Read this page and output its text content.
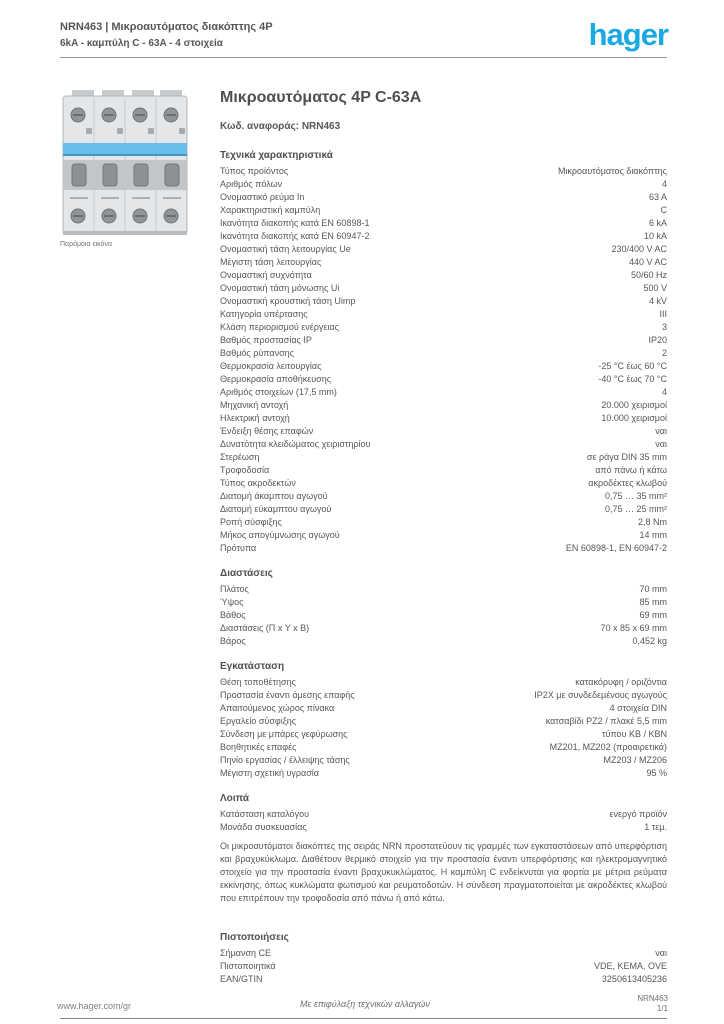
NRN463 | Μικροαυτόματος διακόπτης 4P
6kA - καμπύλη C - 63A - 4 στοιχεία	hager
Παρόμοια εικόνα
Μικροαυτόματος 4P C-63A
Κωδ. αναφοράς: NRN463
Τεχνικά χαρακτηριστικά
Τύπος προϊόντος	Μικροαυτόματος διακόπτης
Αριθμός πόλων	4
Ονομαστικό ρεύμα In	63 A
Χαρακτηριστική καμπύλη	C
Ικανότητα διακοπής κατά EN 60898-1	6 kA
Ικανότητα διακοπής κατά EN 60947-2	10 kA
Ονομαστική τάση λειτουργίας Ue	230/400 V AC
Μέγιστη τάση λειτουργίας	440 V AC
Ονομαστική συχνότητα	50/60 Hz
Ονομαστική τάση μόνωσης Ui	500 V
Ονομαστική κρουστική τάση Uimp	4 kV
Κατηγορία υπέρτασης	III
Κλάση περιορισμού ενέργειας	3
Βαθμός προστασίας IP	IP20
Βαθμός ρύπανσης	2
Θερμοκρασία λειτουργίας	-25 °C έως 60 °C
Θερμοκρασία αποθήκευσης	-40 °C έως 70 °C
Αριθμός στοιχείων (17,5 mm)	4
Μηχανική αντοχή	20.000 χειρισμοί
Ηλεκτρική αντοχή	10.000 χειρισμοί
Ένδειξη θέσης επαφών	ναι
Δυνατότητα κλειδώματος χειριστηρίου	ναι
Στερέωση	σε ράγα DIN 35 mm
Τροφοδοσία	από πάνω ή κάτω
Τύπος ακροδεκτών	ακροδέκτες κλωβού
Διατομή άκαμπτου αγωγού	0,75 … 35 mm²
Διατομή εύκαμπτου αγωγού	0,75 … 25 mm²
Ροπή σύσφιξης	2,8 Nm
Μήκος απογύμνωσης αγωγού	14 mm
Πρότυπα	EN 60898-1, EN 60947-2
Διαστάσεις
Πλάτος	70 mm
Ύψος	85 mm
Βάθος	69 mm
Διαστάσεις (Π x Υ x Β)	70 x 85 x 69 mm
Βάρος	0,452 kg
Εγκατάσταση
Θέση τοποθέτησης	κατακόρυφη / οριζόντια
Προστασία έναντι άμεσης επαφής	IP2X με συνδεδεμένους αγωγούς
Απαιτούμενος χώρος πίνακα	4 στοιχεία DIN
Εργαλείο σύσφιξης	κατσαβίδι PZ2 / πλακέ 5,5 mm
Σύνδεση με μπάρες γεφύρωσης	τύπου KB / KBN
Βοηθητικές επαφές	MZ201, MZ202 (προαιρετικά)
Πηνίο εργασίας / έλλειψης τάσης	MZ203 / MZ206
Μέγιστη σχετική υγρασία	95 %
Λοιπά
Κατάσταση καταλόγου	ενεργό προϊόν
Μονάδα συσκευασίας	1 τεμ.
Οι μικροαυτόματοι διακόπτες της σειράς NRN προστατεύουν τις γραμμές των εγκαταστάσεων από υπερφόρτιση και βραχυκύκλωμα. Διαθέτουν θερμικό στοιχείο για την προστασία έναντι υπερφόρτισης και ηλεκτρομαγνητικό στοιχείο για την προστασία έναντι βραχυκυκλώματος. Η καμπύλη C ενδείκνυται για φορτία με μέτρια ρεύματα εκκίνησης, όπως κυκλώματα φωτισμού και ρευματοδοτών. Η σύνδεση πραγματοποιείται με ακροδέκτες κλωβού που επιτρέπουν την τροφοδοσία από πάνω ή από κάτω.
Πιστοποιήσεις
Σήμανση CE	ναι
Πιστοποιητικά	VDE, KEMA, OVE
EAN/GTIN	3250613405236
www.hager.com/gr	Με επιφύλαξη τεχνικών αλλαγών
NRN463
1/1
